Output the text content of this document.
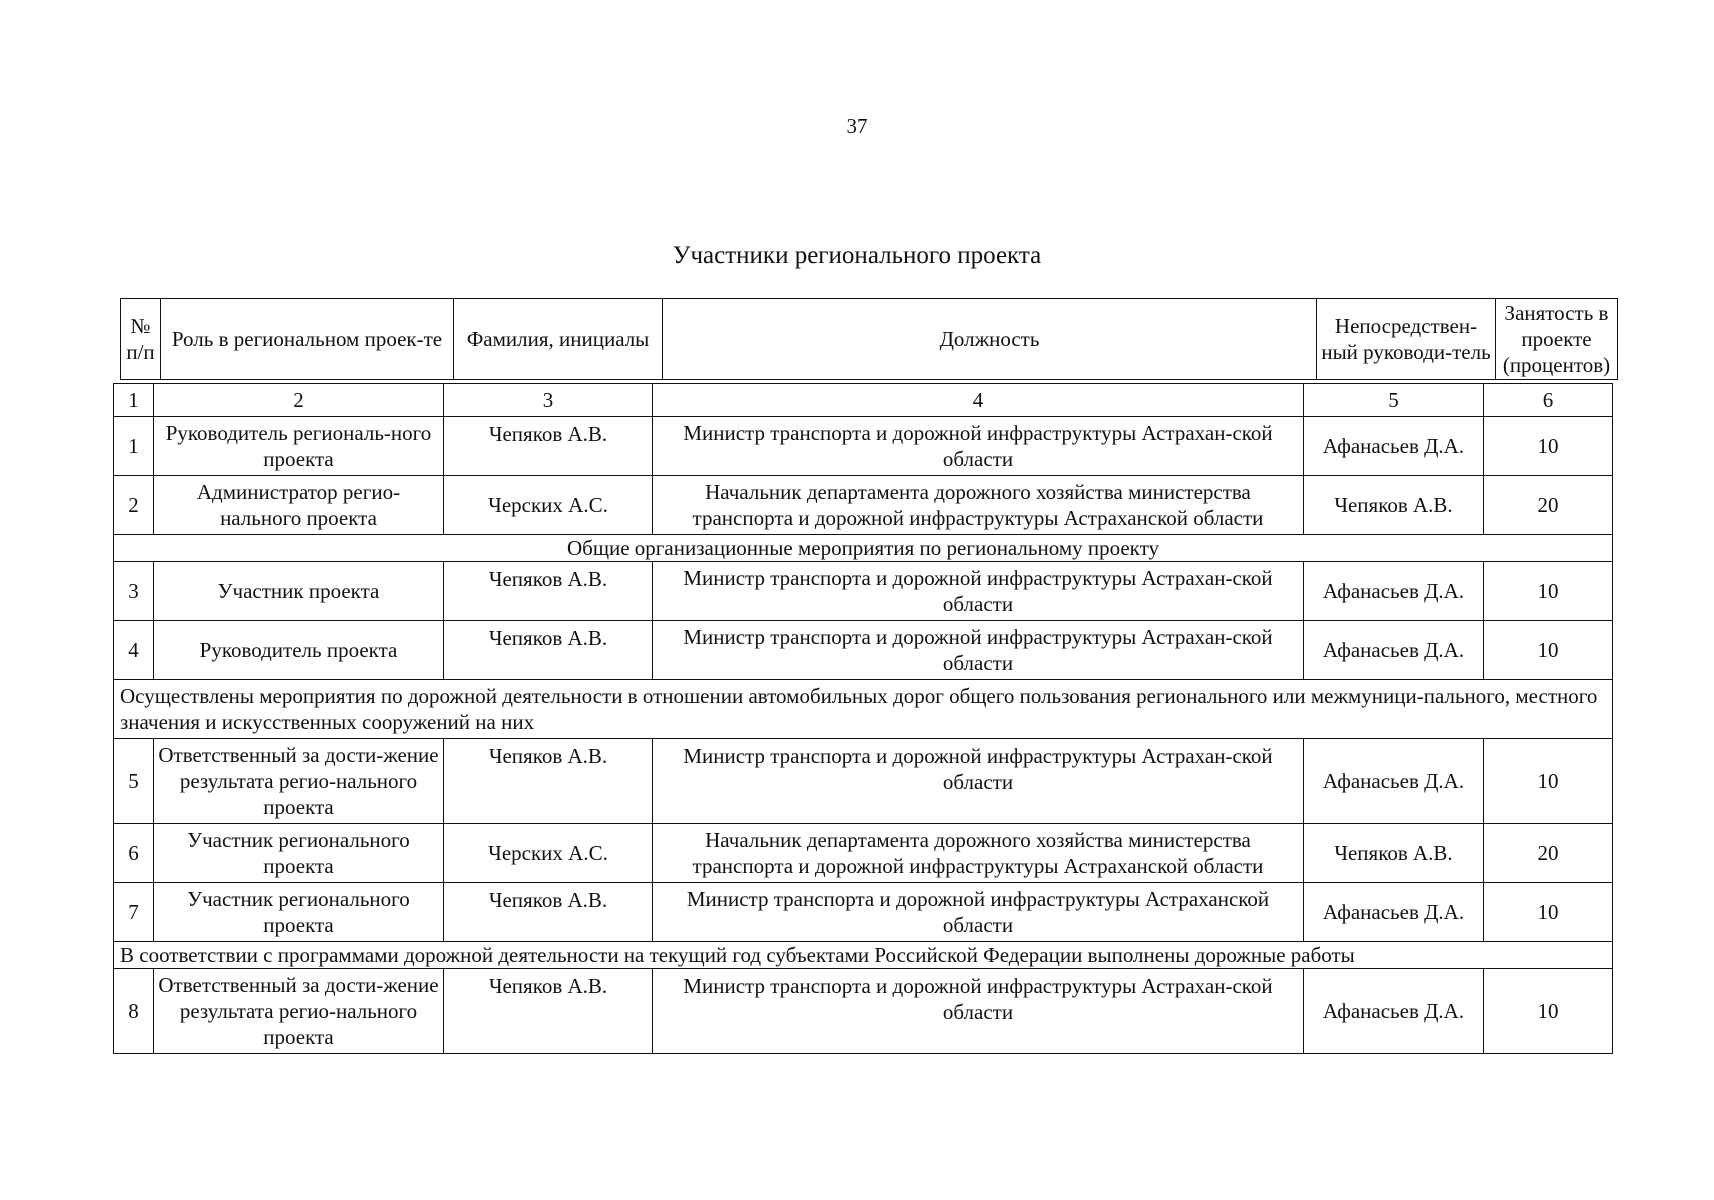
37
Участники регионального проекта
№ п/п	Роль в региональном проек-те	Фамилия, инициалы	Должность	Непосредствен-ный руководи-тель	Занятость в проекте (процентов)
1	2	3	4	5	6
1	Руководитель региональ-ного проекта	Чепяков А.В.	Министр транспорта и дорожной инфраструктуры Астрахан-ской области	Афанасьев Д.А.	10
2	Администратор регио-нального проекта	Черских А.С.	Начальник департамента дорожного хозяйства министерства транспорта и дорожной инфраструктуры Астраханской области	Чепяков А.В.	20
Общие организационные мероприятия по региональному проекту					
3	Участник проекта	Чепяков А.В.	Министр транспорта и дорожной инфраструктуры Астрахан-ской области	Афанасьев Д.А.	10
4	Руководитель проекта	Чепяков А.В.	Министр транспорта и дорожной инфраструктуры Астрахан-ской области	Афанасьев Д.А.	10
Осуществлены мероприятия по дорожной деятельности в отношении автомобильных дорог общего пользования регионального или межмуници-пального, местного значения и искусственных сооружений на них					
5	Ответственный за дости-жение результата регио-нального проекта	Чепяков А.В.	Министр транспорта и дорожной инфраструктуры Астрахан-ской области	Афанасьев Д.А.	10
6	Участник регионального проекта	Черских А.С.	Начальник департамента дорожного хозяйства министерства транспорта и дорожной инфраструктуры Астраханской области	Чепяков А.В.	20
7	Участник регионального проекта	Чепяков А.В.	Министр транспорта и дорожной инфраструктуры Астраханской области	Афанасьев Д.А.	10
В соответствии с программами дорожной деятельности на текущий год субъектами Российской Федерации выполнены дорожные работы					
8	Ответственный за дости-жение результата регио-нального проекта	Чепяков А.В.	Министр транспорта и дорожной инфраструктуры Астрахан-ской области	Афанасьев Д.А.	10
